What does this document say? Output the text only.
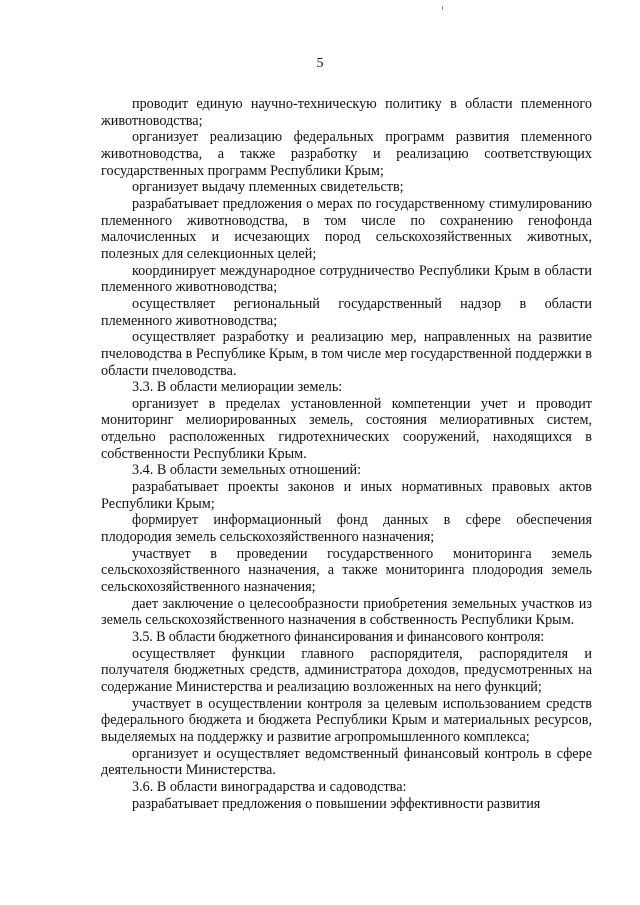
5

проводит единую научно-техническую политику в области племенного животноводства;

организует реализацию федеральных программ развития племенного животноводства, а также разработку и реализацию соответствующих государственных программ Республики Крым;

организует выдачу племенных свидетельств;

разрабатывает предложения о мерах по государственному стимулированию племенного животноводства, в том числе по сохранению генофонда малочисленных и исчезающих пород сельскохозяйственных животных, полезных для селекционных целей;

координирует международное сотрудничество Республики Крым в области племенного животноводства;

осуществляет региональный государственный надзор в области племенного животноводства;

осуществляет разработку и реализацию мер, направленных на развитие пчеловодства в Республике Крым, в том числе мер государственной поддержки в области пчеловодства.

3.3. В области мелиорации земель:

организует в пределах установленной компетенции учет и проводит мониторинг мелиорированных земель, состояния мелиоративных систем, отдельно расположенных гидротехнических сооружений, находящихся в собственности Республики Крым.

3.4. В области земельных отношений:

разрабатывает проекты законов и иных нормативных правовых актов Республики Крым;

формирует информационный фонд данных в сфере обеспечения плодородия земель сельскохозяйственного назначения;

участвует в проведении государственного мониторинга земель сельскохозяйственного назначения, а также мониторинга плодородия земель сельскохозяйственного назначения;

дает заключение о целесообразности приобретения земельных участков из земель сельскохозяйственного назначения в собственность Республики Крым.

3.5. В области бюджетного финансирования и финансового контроля:

осуществляет функции главного распорядителя, распорядителя и получателя бюджетных средств, администратора доходов, предусмотренных на содержание Министерства и реализацию возложенных на него функций;

участвует в осуществлении контроля за целевым использованием средств федерального бюджета и бюджета Республики Крым и материальных ресурсов, выделяемых на поддержку и развитие агропромышленного комплекса;

организует и осуществляет ведомственный финансовый контроль в сфере деятельности Министерства.

3.6. В области виноградарства и садоводства:

разрабатывает предложения о повышении эффективности развития
